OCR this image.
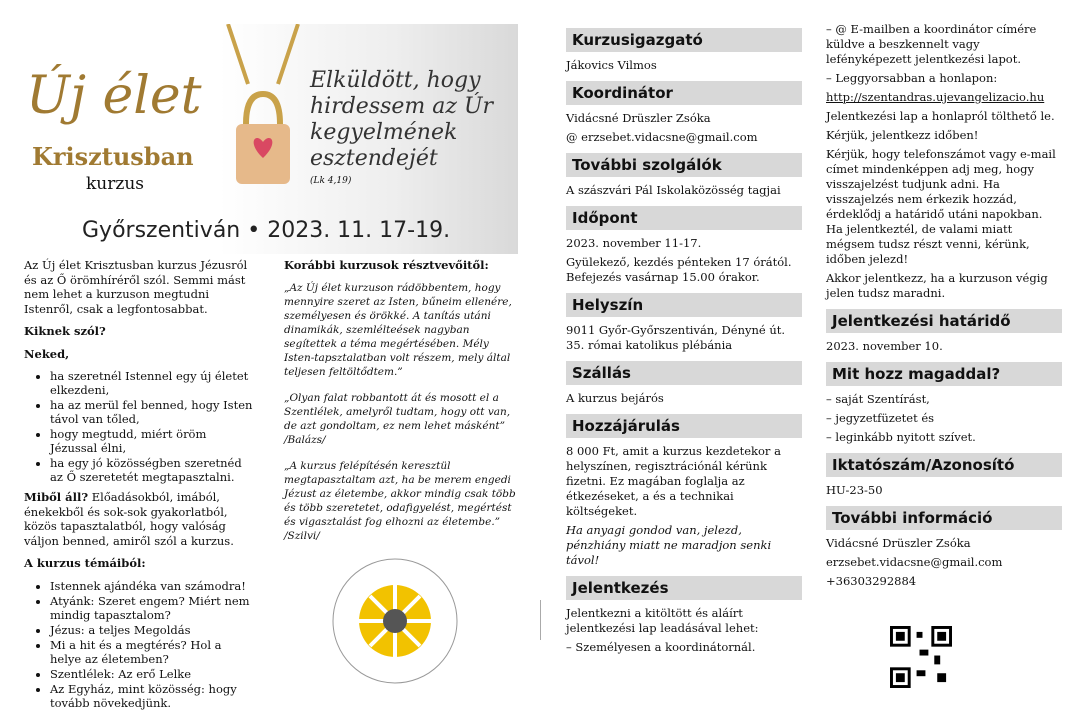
Új élet
Krisztusban
kurzus
Elküldött, hogy hirdessem az Úr kegyelmének esztendejét
(Lk 4,19)
Győrszentiván • 2023. 11. 17-19.

Az Új élet Krisztusban kurzus Jézusról és az Ő örömhíréről szól. Semmi mást nem lehet a kurzuson megtudni Istenről, csak a legfontosabbat.

Kiknek szól?

Neked,

• ha szeretnél Istennel egy új életet elkezdeni,
• ha az merül fel benned, hogy Isten távol van tőled,
• hogy megtudd, miért öröm Jézussal élni,
• ha egy jó közösségben szeretnéd az Ő szeretetét megtapasztalni.

Miből áll? Előadásokból, imából, énekekből és sok-sok gyakorlatból, közös tapasztalatból, hogy valóság váljon benned, amiről szól a kurzus.

A kurzus témáiból:

• Istennek ajándéka van számodra!
• Atyánk: Szeret engem? Miért nem mindig tapasztalom?
• Jézus: a teljes Megoldás
• Mi a hit és a megtérés? Hol a helye az életemben?
• Szentlélek: Az erő Lelke
• Az Egyház, mint közösség: hogy tovább növekedjünk.

Korábbi kurzusok résztvevőitől:

„Az Új élet kurzuson rádöbbentem, hogy mennyire szeret az Isten, bűneim ellenére, személyesen és örökké. A tanítás utáni dinamikák, szemlélteések nagyban segítettek a téma megértésében. Mély Isten-tapsztalatban volt részem, mely által teljesen feltöltődtem.”

„Olyan falat robbantott át és mosott el a Szentlélek, amelyről tudtam, hogy ott van, de azt gondoltam, ez nem lehet másként” /Balázs/

„A kurzus felépítésén keresztül megtapasztaltam azt, ha be merem engedi Jézust az életembe, akkor mindig csak több és több szeretetet, odafigyelést, megértést és vigasztalást fog elhozni az életembe.” /Szilvi/

Kurzusigazgató
Jákovics Vilmos
Koordinátor
Vidácsné Drüszler Zsóka
@ erzsebet.vidacsne@gmail.com
További szolgálók
A szászvári Pál Iskolaközösség tagjai
Időpont
2023. november 11-17.
Gyülekező, kezdés pénteken 17 órától. Befejezés vasárnap 15.00 órakor.
Helyszín
9011 Győr-Győrszentiván, Dényné út. 35. római katolikus plébánia
Szállás
A kurzus bejárós
Hozzájárulás
8 000 Ft, amit a kurzus kezdetekor a helyszínen, regisztrációnál kérünk fizetni. Ez magában foglalja az étkezéseket, a és a technikai költségeket.
Ha anyagi gondod van, jelezd, pénzhiány miatt ne maradjon senki távol!
Jelentkezés
Jelentkezni a kitöltött és aláírt jelentkezési lap leadásával lehet:
– Személyesen a koordinátornál.
– @ E-mailben a koordinátor címére küldve a beszkennelt vagy lefényképezett jelentkezési lapot.
– Leggyorsabban a honlapon:
http://szentandras.ujevangelizacio.hu
Jelentkezési lap a honlapról tölthető le.
Kérjük, jelentkezz időben!
Kérjük, hogy telefonszámot vagy e-mail címet mindenképpen adj meg, hogy visszajelzést tudjunk adni. Ha visszajelzés nem érkezik hozzád, érdeklődj a határidő utáni napokban. Ha jelentkeztél, de valami miatt mégsem tudsz részt venni, kérünk, időben jelezd!
Akkor jelentkezz, ha a kurzuson végig jelen tudsz maradni.
Jelentkezési határidő
2023. november 10.
Mit hozz magaddal?
– saját Szentírást,
– jegyzetfüzetet és
– leginkább nyitott szívet.
Iktatószám/Azonosító
HU-23-50
További információ
Vidácsné Drüszler Zsóka
erzsebet.vidacsne@gmail.com
+36303292884
